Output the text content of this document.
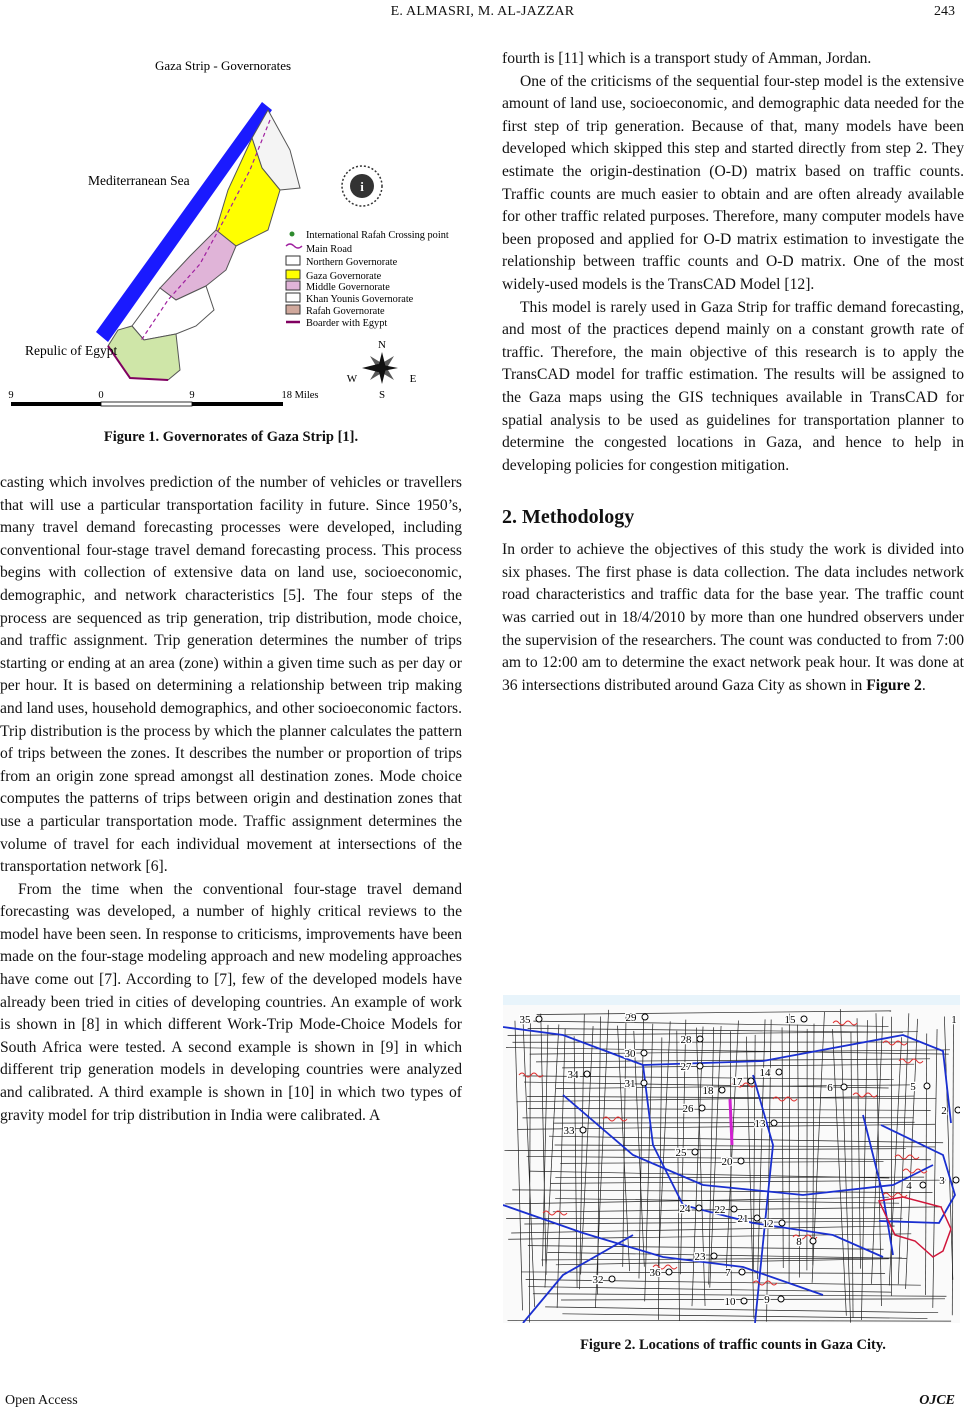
E. ALMASRI, M. AL-JAZZAR	243
Gaza Strip - Governorates
Mediterranean Sea
Repulic of Egypt
i
International Rafah Crossing point
Main Road
Northern Governorate
Gaza Governorate
Middle Governorate
Khan Younis Governorate
Rafah Governorate
Boarder with Egypt
N
S
W	E
9	0	9	18 Miles
Figure 1. Governorates of Gaza Strip [1].

casting which involves prediction of the number of vehicles or travellers that will use a particular transportation facility in future. Since 1950’s, many travel demand forecasting processes were developed, including conventional four-stage travel demand forecasting process. This process begins with collection of extensive data on land use, socioeconomic, demographic, and network characteristics [5]. The four steps of the process are sequenced as trip generation, trip distribution, mode choice, and traffic assignment. Trip generation determines the number of trips starting or ending at an area (zone) within a given time such as per day or per hour. It is based on determining a relationship between trip making and land uses, household demographics, and other socioeconomic factors. Trip distribution is the process by which the planner calculates the pattern of trips between the zones. It describes the number or proportion of trips from an origin zone spread amongst all destination zones. Mode choice computes the patterns of trips between origin and destination zones that use a particular transportation mode. Traffic assignment determines the volume of travel for each individual movement at intersections of the transportation network [6].

From the time when the conventional four-stage travel demand forecasting was developed, a number of highly critical reviews to the model have been seen. In response to criticisms, improvements have been made on the four-stage modeling approach and new modeling approaches have come out [7]. According to [7], few of the developed models have already been tried in cities of developing countries. An example of work is shown in [8] in which different Work-Trip Mode-Choice Models for South Africa were tested. A second example is shown in [9] in which different trip generation models in developing countries were analyzed and calibrated. A third example is shown in [10] in which two types of gravity model for trip distribution in India were calibrated. A

fourth is [11] which is a transport study of Amman, Jordan.

One of the criticisms of the sequential four-step model is the extensive amount of land use, socioeconomic, and demographic data needed for the first step of trip generation. Because of that, many models have been developed which skipped this step and started directly from step 2. They estimate the origin-destination (O-D) matrix based on traffic counts. Traffic counts are much easier to obtain and are often already available for other traffic related purposes. Therefore, many computer models have been proposed and applied for O-D matrix estimation to investigate the relationship between traffic counts and O-D matrix. One of the most widely-used models is the TransCAD Model [12].

This model is rarely used in Gaza Strip for traffic demand forecasting, and most of the practices depend mainly on a constant growth rate of traffic. Therefore, the main objective of this research is to apply the TransCAD model for traffic estimation. The results will be assigned to the Gaza maps using the GIS techniques available in TransCAD for spatial analysis to be used as guidelines for transportation planner to determine the congested locations in Gaza, and hence to help in developing policies for congestion mitigation.

2. Methodology

In order to achieve the objectives of this study the work is divided into six phases. The first phase is data collection. The data includes network road characteristics and traffic data for the base year. The traffic count was carried out in 18/4/2010 by more than one hundred observers under the supervision of the researchers. The count was conducted to from 7:00 am to 12:00 am to determine the exact network peak hour. It was done at 36 intersections distributed around Gaza City as shown in Figure 2.

35	29	15	1
28
30
27
34
31
18
17
14
6	5
2
26
33
13
25
20
4	3
24 22
21 12
8
23
7
36
32
10	9
Figure 2. Locations of traffic counts in Gaza City.
Open Access	OJCE
